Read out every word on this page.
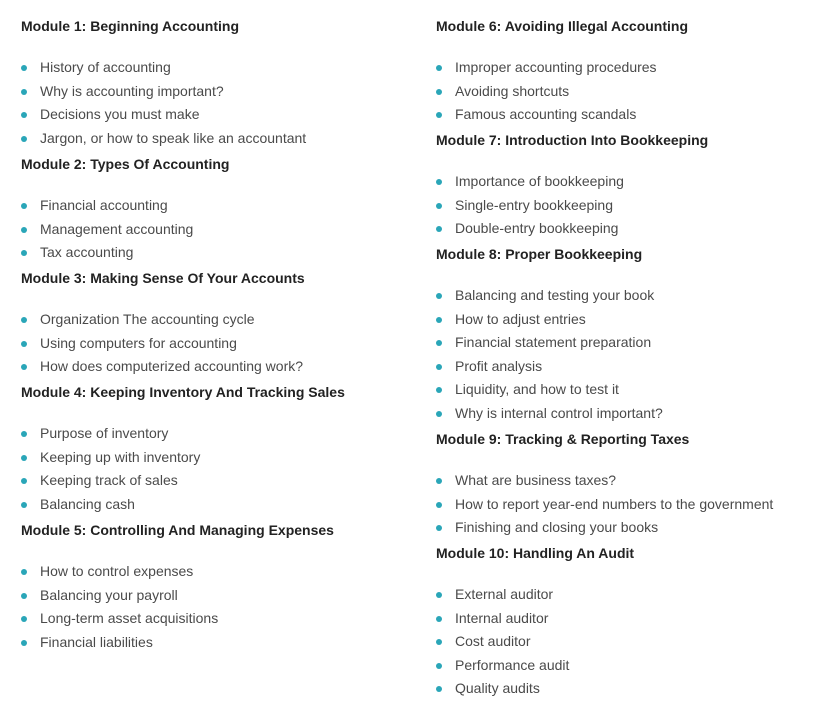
Module 1: Beginning Accounting
History of accounting
Why is accounting important?
Decisions you must make
Jargon, or how to speak like an accountant
Module 2: Types Of Accounting
Financial accounting
Management accounting
Tax accounting
Module 3: Making Sense Of Your Accounts
Organization The accounting cycle
Using computers for accounting
How does computerized accounting work?
Module 4: Keeping Inventory And Tracking Sales
Purpose of inventory
Keeping up with inventory
Keeping track of sales
Balancing cash
Module 5: Controlling And Managing Expenses
How to control expenses
Balancing your payroll
Long-term asset acquisitions
Financial liabilities
Module 6: Avoiding Illegal Accounting
Improper accounting procedures
Avoiding shortcuts
Famous accounting scandals
Module 7: Introduction Into Bookkeeping
Importance of bookkeeping
Single-entry bookkeeping
Double-entry bookkeeping
Module 8: Proper Bookkeeping
Balancing and testing your book
How to adjust entries
Financial statement preparation
Profit analysis
Liquidity, and how to test it
Why is internal control important?
Module 9: Tracking & Reporting Taxes
What are business taxes?
How to report year-end numbers to the government
Finishing and closing your books
Module 10: Handling An Audit
External auditor
Internal auditor
Cost auditor
Performance audit
Quality audits
